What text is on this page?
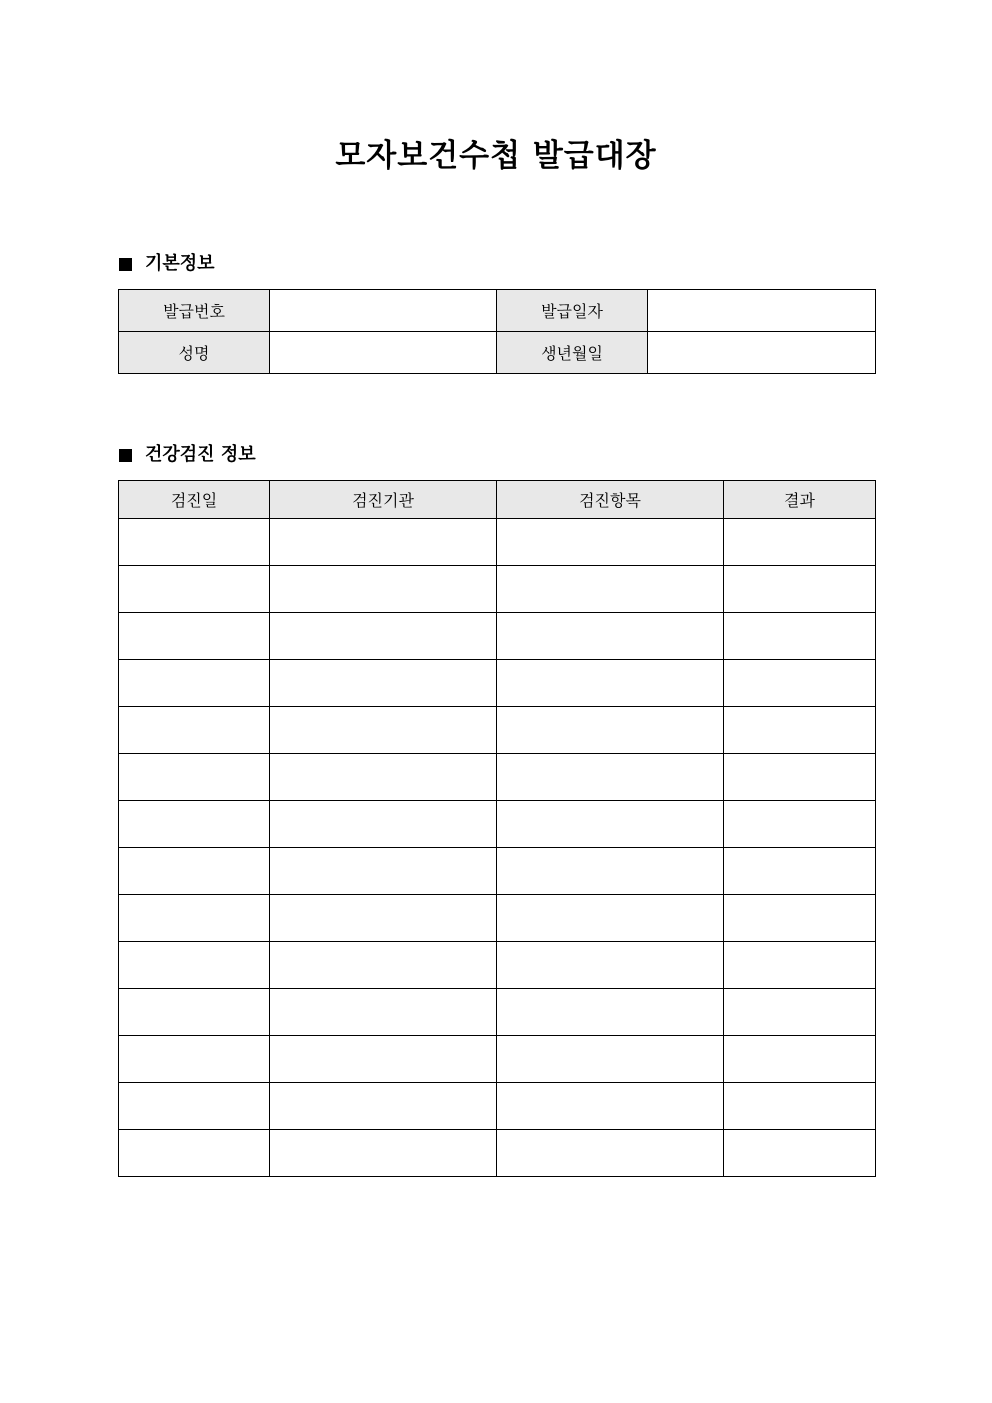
모자보건수첩 발급대장
기본정보
발급번호		발급일자	
성명		생년월일	
건강검진 정보
검진일	검진기관	검진항목	결과
